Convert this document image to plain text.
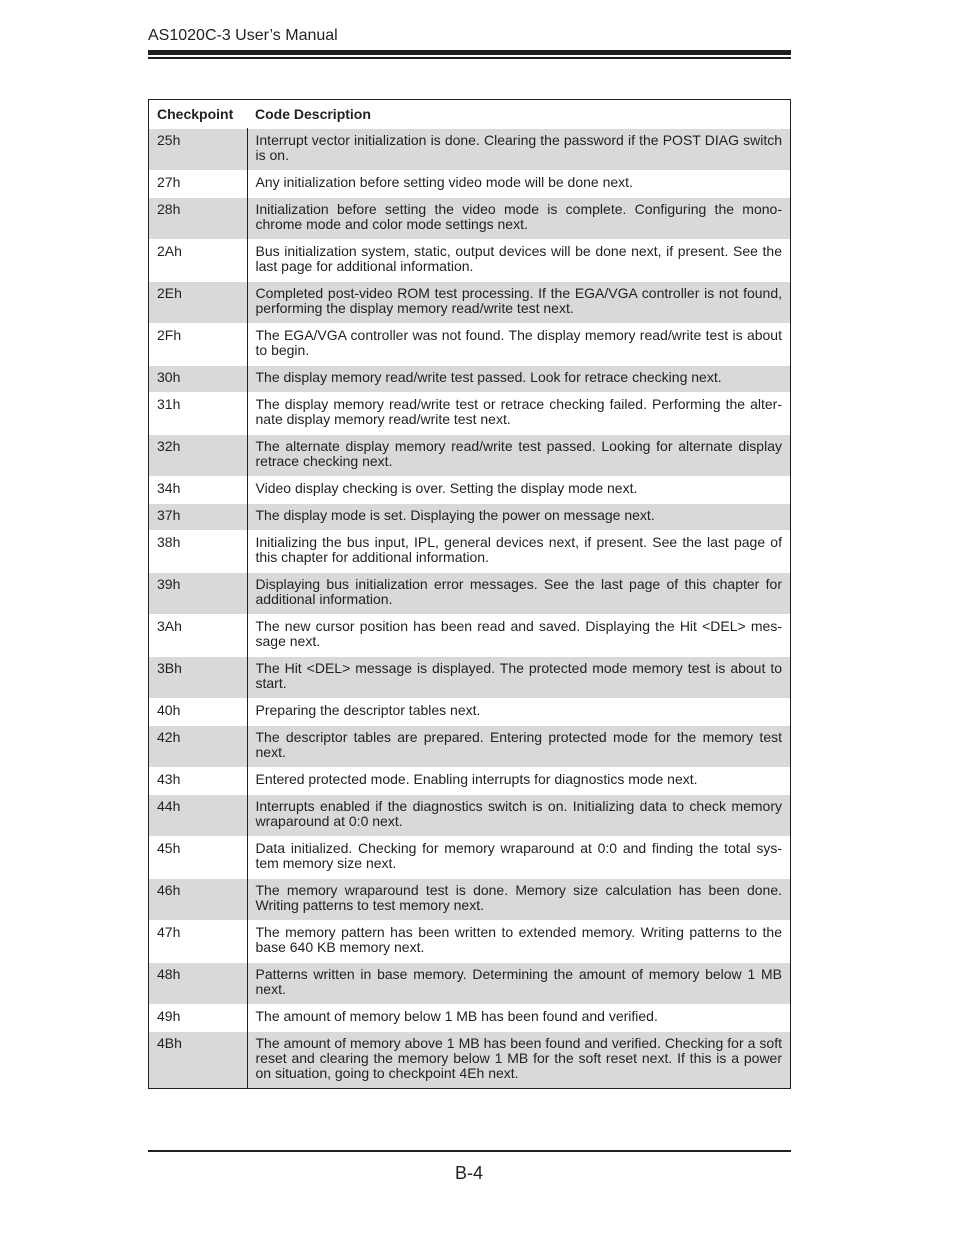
AS1020C-3 User’s Manual
Checkpoint	Code Description
25h	Interrupt vector initialization is done. Clearing the password if the POST DIAG switch is on.
27h	Any initialization before setting video mode will be done next.
28h	Initialization before setting the video mode is complete. Configuring the mono-chrome mode and color mode settings next.
2Ah	Bus initialization system, static, output devices will be done next, if present. See the last page for additional information.
2Eh	Completed post-video ROM test processing. If the EGA/VGA controller is not found, performing the display memory read/write test next.
2Fh	The EGA/VGA controller was not found. The display memory read/write test is about to begin.
30h	The display memory read/write test passed. Look for retrace checking next.
31h	The display memory read/write test or retrace checking failed. Performing the alter-nate display memory read/write test next.
32h	The alternate display memory read/write test passed. Looking for alternate display retrace checking next.
34h	Video display checking is over. Setting the display mode next.
37h	The display mode is set. Displaying the power on message next.
38h	Initializing the bus input, IPL, general devices next, if present. See the last page of this chapter for additional information.
39h	Displaying bus initialization error messages. See the last page of this chapter for additional information.
3Ah	The new cursor position has been read and saved. Displaying the Hit <DEL> mes-sage next.
3Bh	The Hit <DEL> message is displayed. The protected mode memory test is about to start.
40h	Preparing the descriptor tables next.
42h	The descriptor tables are prepared. Entering protected mode for the memory test next.
43h	Entered protected mode. Enabling interrupts for diagnostics mode next.
44h	Interrupts enabled if the diagnostics switch is on. Initializing data to check memory wraparound at 0:0 next.
45h	Data initialized. Checking for memory wraparound at 0:0 and finding the total sys-tem memory size next.
46h	The memory wraparound test is done. Memory size calculation has been done. Writing patterns to test memory next.
47h	The memory pattern has been written to extended memory. Writing patterns to the base 640 KB memory next.
48h	Patterns written in base memory. Determining the amount of memory below 1 MB next.
49h	The amount of memory below 1 MB has been found and verified.
4Bh	The amount of memory above 1 MB has been found and verified. Checking for a soft reset and clearing the memory below 1 MB for the soft reset next. If this is a power on situation, going to checkpoint 4Eh next.
B-4
